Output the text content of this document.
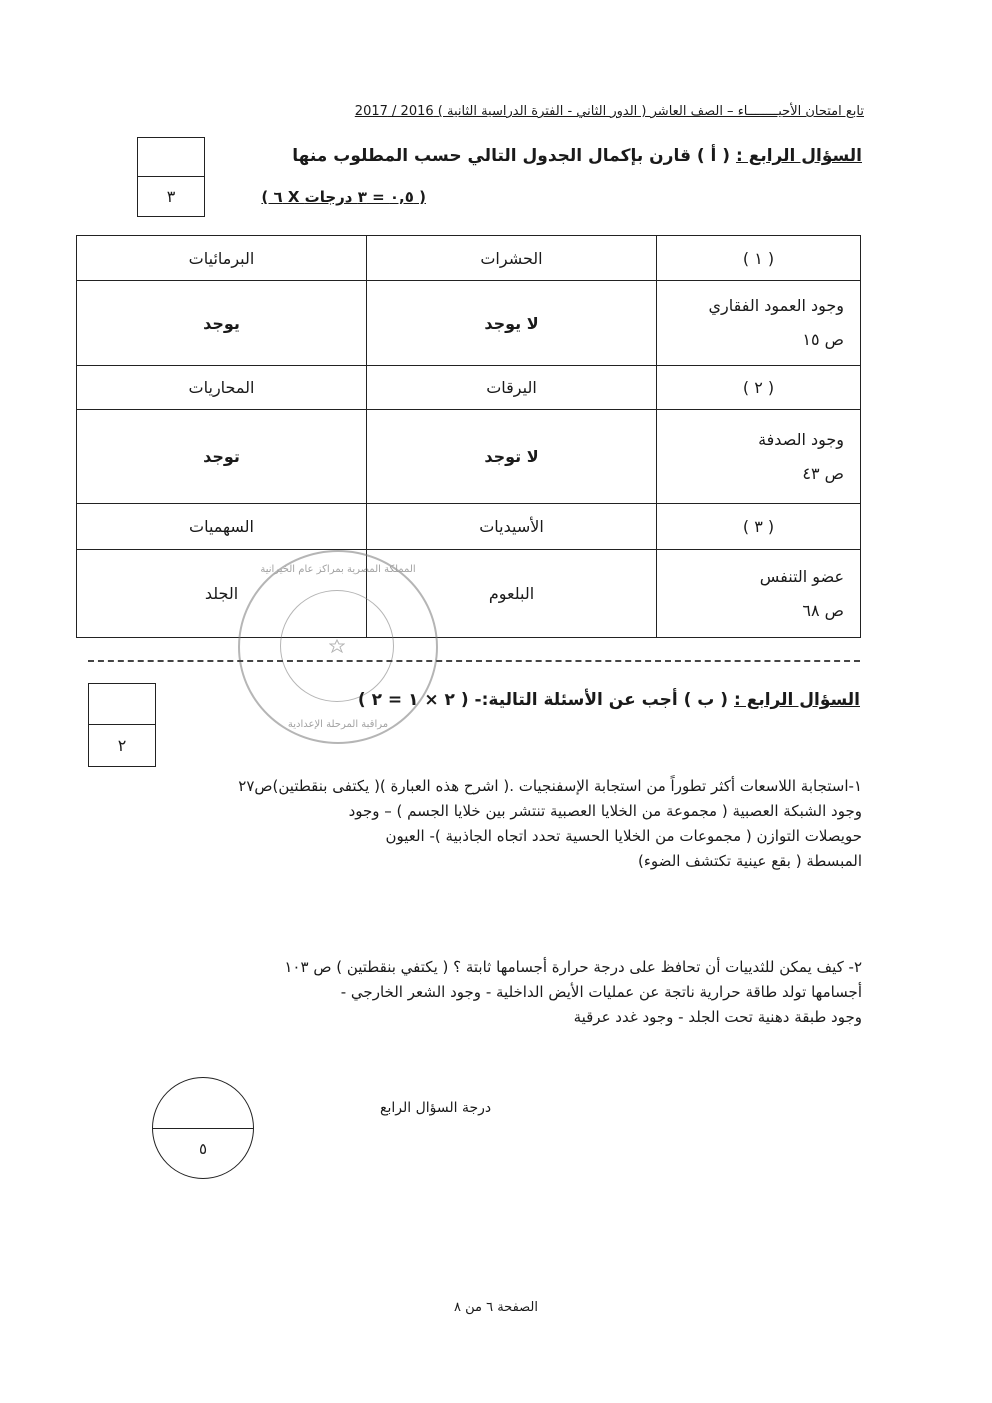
تابع امتحان الأحيــــــــاء – الصف العاشر ( الدور الثاني - الفترة الدراسية الثانية ) 2016 / 2017
٣
السؤال الرابع : ( أ ) قارن بإكمال الجدول التالي حسب المطلوب منها
( ٦ X ٠,٥ = ٣ درجات )
( ١ )	الحشرات	البرمائيات

وجود العمود الفقاري
ص ١٥	لا يوجد	يوجد
( ٢ )	اليرقات	المحاريات

وجود الصدفة
ص ٤٣	لا توجد	توجد
( ٣ )	الأسيديات	السهميات

عضو التنفس
ص ٦٨	البلعوم	الجلد
المملكة المصرية بمراكز عام الخيرانية
مراقبة المرحلة الإعدادية
٢
السؤال الرابع : ( ب ) أجب عن الأسئلة التالية:- ( ٢ × ١ = ٢ )
١-استجابة اللاسعات أكثر تطوراً من استجابة الإسفنجيات .( اشرح هذه العبارة )( يكتفى بنقطتين)ص٢٧
وجود الشبكة العصبية ( مجموعة من الخلايا العصبية تنتشر بين خلايا الجسم ) – وجود
حويصلات التوازن ( مجموعات من الخلايا الحسية تحدد اتجاه الجاذبية )- العيون
المبسطة ( بقع عينية تكتشف الضوء)
٢- كيف يمكن للثدييات أن تحافظ على درجة حرارة أجسامها ثابتة ؟ ( يكتفي بنقطتين ) ص ١٠٣
أجسامها تولد طاقة حرارية ناتجة عن عمليات الأيض الداخلية - وجود الشعر الخارجي -
وجود طبقة دهنية تحت الجلد - وجود غدد عرقية
درجة السؤال الرابع
٥
الصفحة ٦ من ٨
